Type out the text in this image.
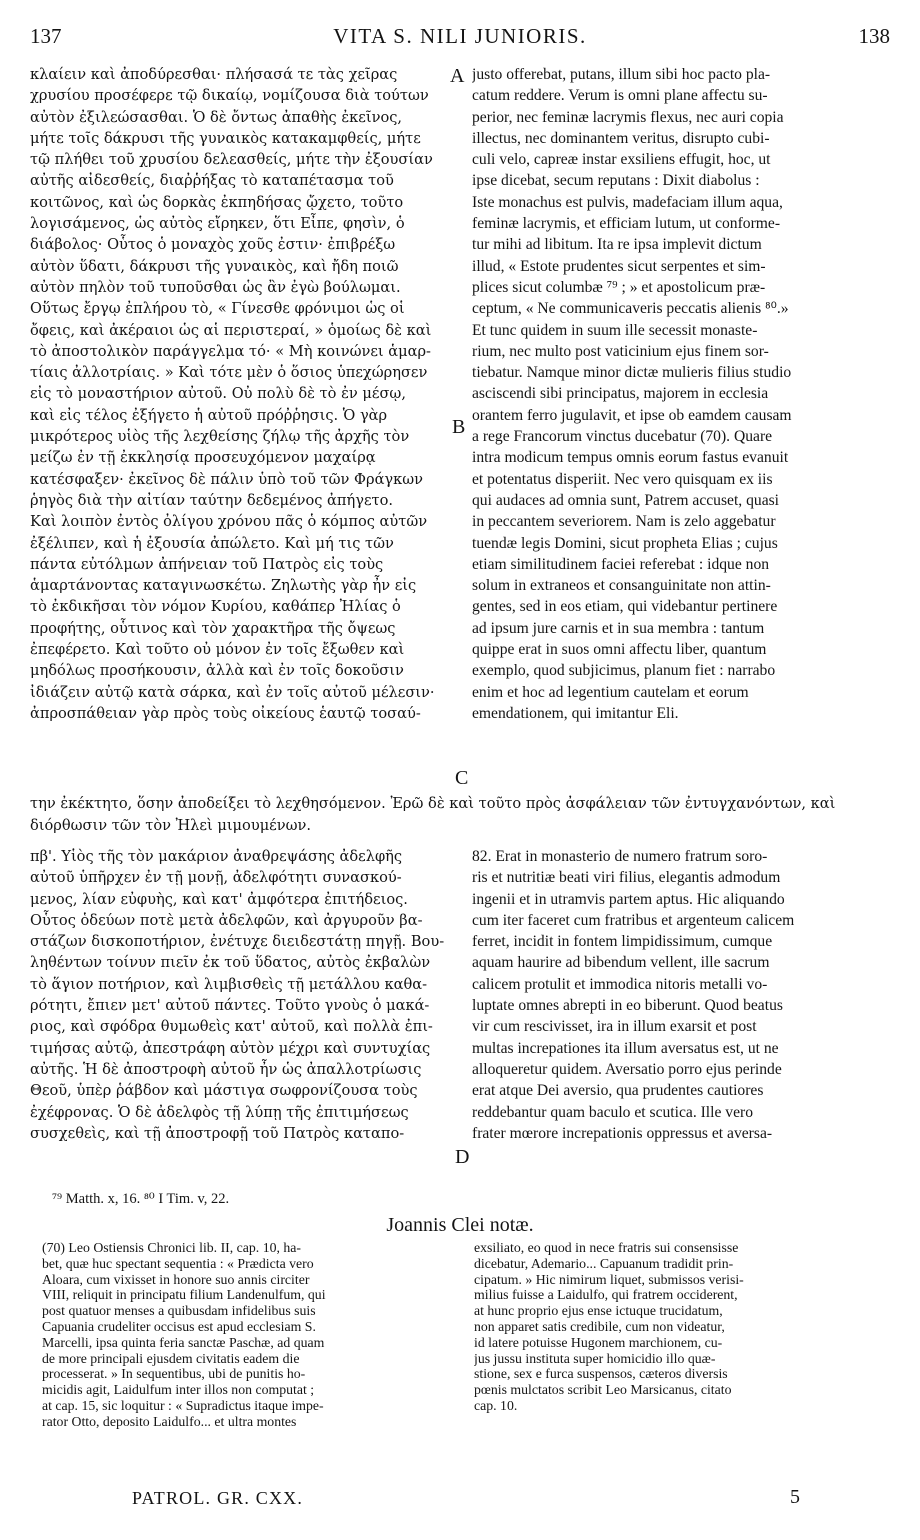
137	VITA S. NILI JUNIORIS.	138
κλαίειν καὶ ἀποδύρεσθαι· πλήσασά τε τὰς χεῖρας
χρυσίου προσέφερε τῷ δικαίῳ, νομίζουσα διὰ τούτων
αὐτὸν ἐξιλεώσασθαι. Ὁ δὲ ὄντως ἀπαθὴς ἐκεῖνος,
μήτε τοῖς δάκρυσι τῆς γυναικὸς κατακαμφθείς, μήτε
τῷ πλήθει τοῦ χρυσίου δελεασθείς, μήτε τὴν ἐξουσίαν
αὐτῆς αἰδεσθείς, διαῤῥήξας τὸ καταπέτασμα τοῦ
κοιτῶνος, καὶ ὡς δορκὰς ἐκπηδήσας ᾤχετο, τοῦτο
λογισάμενος, ὡς αὐτὸς εἴρηκεν, ὅτι Εἶπε, φησὶν, ὁ
διάβολος· Οὗτος ὁ μοναχὸς χοῦς ἐστιν· ἐπιβρέξω
αὐτὸν ὕδατι, δάκρυσι τῆς γυναικὸς, καὶ ἤδη ποιῶ
αὐτὸν πηλὸν τοῦ τυποῦσθαι ὡς ἂν ἐγὼ βούλωμαι.
Οὕτως ἔργῳ ἐπλήρου τὸ, « Γίνεσθε φρόνιμοι ὡς οἱ
ὄφεις, καὶ ἀκέραιοι ὡς αἱ περιστεραί, » ὁμοίως δὲ καὶ
τὸ ἀποστολικὸν παράγγελμα τό· « Μὴ κοινώνει ἁμαρ-
τίαις ἀλλοτρίαις. » Καὶ τότε μὲν ὁ ὅσιος ὑπεχώρησεν
εἰς τὸ μοναστήριον αὐτοῦ. Οὐ πολὺ δὲ τὸ ἐν μέσῳ,
καὶ εἰς τέλος ἐξήγετο ἡ αὐτοῦ πρόῤῥησις. Ὁ γὰρ
μικρότερος υἱὸς τῆς λεχθείσης ζήλῳ τῆς ἀρχῆς τὸν
μείζω ἐν τῇ ἐκκλησίᾳ προσευχόμενον μαχαίρᾳ
κατέσφαξεν· ἐκεῖνος δὲ πάλιν ὑπὸ τοῦ τῶν Φράγκων
ῥηγὸς διὰ τὴν αἰτίαν ταύτην δεδεμένος ἀπήγετο.
Καὶ λοιπὸν ἐντὸς ὀλίγου χρόνου πᾶς ὁ κόμπος αὐτῶν
ἐξέλιπεν, καὶ ἡ ἐξουσία ἀπώλετο. Καὶ μή τις τῶν
πάντα εὐτόλμων ἀπήνειαν τοῦ Πατρὸς εἰς τοὺς
ἁμαρτάνοντας καταγινωσκέτω. Ζηλωτὴς γὰρ ἦν εἰς
τὸ ἐκδικῆσαι τὸν νόμον Κυρίου, καθάπερ Ἠλίας ὁ
προφήτης, οὗτινος καὶ τὸν χαρακτῆρα τῆς ὄψεως
ἐπεφέρετο. Καὶ τοῦτο οὐ μόνον ἐν τοῖς ἔξωθεν καὶ
μηδόλως προσήκουσιν, ἀλλὰ καὶ ἐν τοῖς δοκοῦσιν
ἰδιάζειν αὐτῷ κατὰ σάρκα, καὶ ἐν τοῖς αὐτοῦ μέλεσιν·
ἀπροσπάθειαν γὰρ πρὸς τοὺς οἰκείους ἑαυτῷ τοσαύ-
justo offerebat, putans, illum sibi hoc pacto pla-
catum reddere. Verum is omni plane affectu su-
perior, nec feminæ lacrymis flexus, nec auri copia
illectus, nec dominantem veritus, disrupto cubi-
culi velo, capreæ instar exsiliens effugit, hoc, ut
ipse dicebat, secum reputans : Dixit diabolus :
Iste monachus est pulvis, madefaciam illum aqua,
feminæ lacrymis, et efficiam lutum, ut conforme-
tur mihi ad libitum. Ita re ipsa implevit dictum
illud, « Estote prudentes sicut serpentes et sim-
plices sicut columbæ ⁷⁹ ; » et apostolicum præ-
ceptum, « Ne communicaveris peccatis alienis ⁸⁰.»
Et tunc quidem in suum ille secessit monaste-
rium, nec multo post vaticinium ejus finem sor-
tiebatur. Namque minor dictæ mulieris filius studio
asciscendi sibi principatus, majorem in ecclesia
orantem ferro jugulavit, et ipse ob eamdem causam
a rege Francorum vinctus ducebatur (70). Quare
intra modicum tempus omnis eorum fastus evanuit
et potentatus disperiit. Nec vero quisquam ex iis
qui audaces ad omnia sunt, Patrem accuset, quasi
in peccantem severiorem. Nam is zelo aggebatur
tuendæ legis Domini, sicut propheta Elias ; cujus
etiam similitudinem faciei referebat : idque non
solum in extraneos et consanguinitate non attin-
gentes, sed in eos etiam, qui videbantur pertinere
ad ipsum jure carnis et in sua membra : tantum
quippe erat in suos omni affectu liber, quantum
exemplo, quod subjicimus, planum fiet : narrabo
enim et hoc ad legentium cautelam et eorum
emendationem, qui imitantur Eli.
A
B
C
D
την ἐκέκτητο, ὅσην ἀποδείξει τὸ λεχθησόμενον. Ἐρῶ δὲ καὶ τοῦτο πρὸς ἀσφάλειαν τῶν ἐντυγχανόντων, καὶ
διόρθωσιν τῶν τὸν Ἠλεὶ μιμουμένων.
πβ'. Υἱὸς τῆς τὸν μακάριον ἀναθρεψάσης ἀδελφῆς
αὐτοῦ ὑπῆρχεν ἐν τῇ μονῇ, ἀδελφότητι συνασκού-
μενος, λίαν εὐφυὴς, καὶ κατ' ἀμφότερα ἐπιτήδειος.
Οὗτος ὁδεύων ποτὲ μετὰ ἀδελφῶν, καὶ ἀργυροῦν βα-
στάζων δισκοποτήριον, ἐνέτυχε διειδεστάτῃ πηγῇ. Βου-
ληθέντων τοίνυν πιεῖν ἐκ τοῦ ὕδατος, αὐτὸς ἐκβαλὼν
τὸ ἅγιον ποτήριον, καὶ λιμβισθεὶς τῇ μετάλλου καθα-
ρότητι, ἔπιεν μετ' αὐτοῦ πάντες. Τοῦτο γνοὺς ὁ μακά-
ριος, καὶ σφόδρα θυμωθεὶς κατ' αὐτοῦ, καὶ πολλὰ ἐπι-
τιμήσας αὐτῷ, ἀπεστράφη αὐτὸν μέχρι καὶ συντυχίας
αὐτῆς. Ἡ δὲ ἀποστροφὴ αὐτοῦ ἦν ὡς ἀπαλλοτρίωσις
Θεοῦ, ὑπὲρ ῥάβδον καὶ μάστιγα σωφρονίζουσα τοὺς
ἐχέφρονας. Ὁ δὲ ἀδελφὸς τῇ λύπῃ τῆς ἐπιτιμήσεως
συσχεθεὶς, καὶ τῇ ἀποστροφῇ τοῦ Πατρὸς καταπο-
82. Erat in monasterio de numero fratrum soro-
ris et nutritiæ beati viri filius, elegantis admodum
ingenii et in utramvis partem aptus. Hic aliquando
cum iter faceret cum fratribus et argenteum calicem
ferret, incidit in fontem limpidissimum, cumque
aquam haurire ad bibendum vellent, ille sacrum
calicem protulit et immodica nitoris metalli vo-
luptate omnes abrepti in eo biberunt. Quod beatus
vir cum rescivisset, ira in illum exarsit et post
multas increpationes ita illum aversatus est, ut ne
alloqueretur quidem. Aversatio porro ejus perinde
erat atque Dei aversio, qua prudentes cautiores
reddebantur quam baculo et scutica. Ille vero
frater mœrore increpationis oppressus et aversa-
⁷⁹ Matth. x, 16. ⁸⁰ I Tim. v, 22.
Joannis Clei notæ.
(70) Leo Ostiensis Chronici lib. II, cap. 10, ha-
bet, quæ huc spectant sequentia : « Prædicta vero
Aloara, cum vixisset in honore suo annis circiter
VIII, reliquit in principatu filium Landenulfum, qui
post quatuor menses a quibusdam infidelibus suis
Capuania crudeliter occisus est apud ecclesiam S.
Marcelli, ipsa quinta feria sanctæ Paschæ, ad quam
de more principali ejusdem civitatis eadem die
processerat. » In sequentibus, ubi de punitis ho-
micidis agit, Laidulfum inter illos non computat ;
at cap. 15, sic loquitur : « Supradictus itaque impe-
rator Otto, deposito Laidulfo... et ultra montes
exsiliato, eo quod in nece fratris sui consensisse
dicebatur, Ademario... Capuanum tradidit prin-
cipatum. » Hic nimirum liquet, submissos verisi-
milius fuisse a Laidulfo, qui fratrem occiderent,
at hunc proprio ejus ense ictuque trucidatum,
non apparet satis credibile, cum non videatur,
id latere potuisse Hugonem marchionem, cu-
jus jussu instituta super homicidio illo quæ-
stione, sex e furca suspensos, cæteros diversis
pœnis mulctatos scribit Leo Marsicanus, citato
cap. 10.
PATROL. GR. CXX.	5
